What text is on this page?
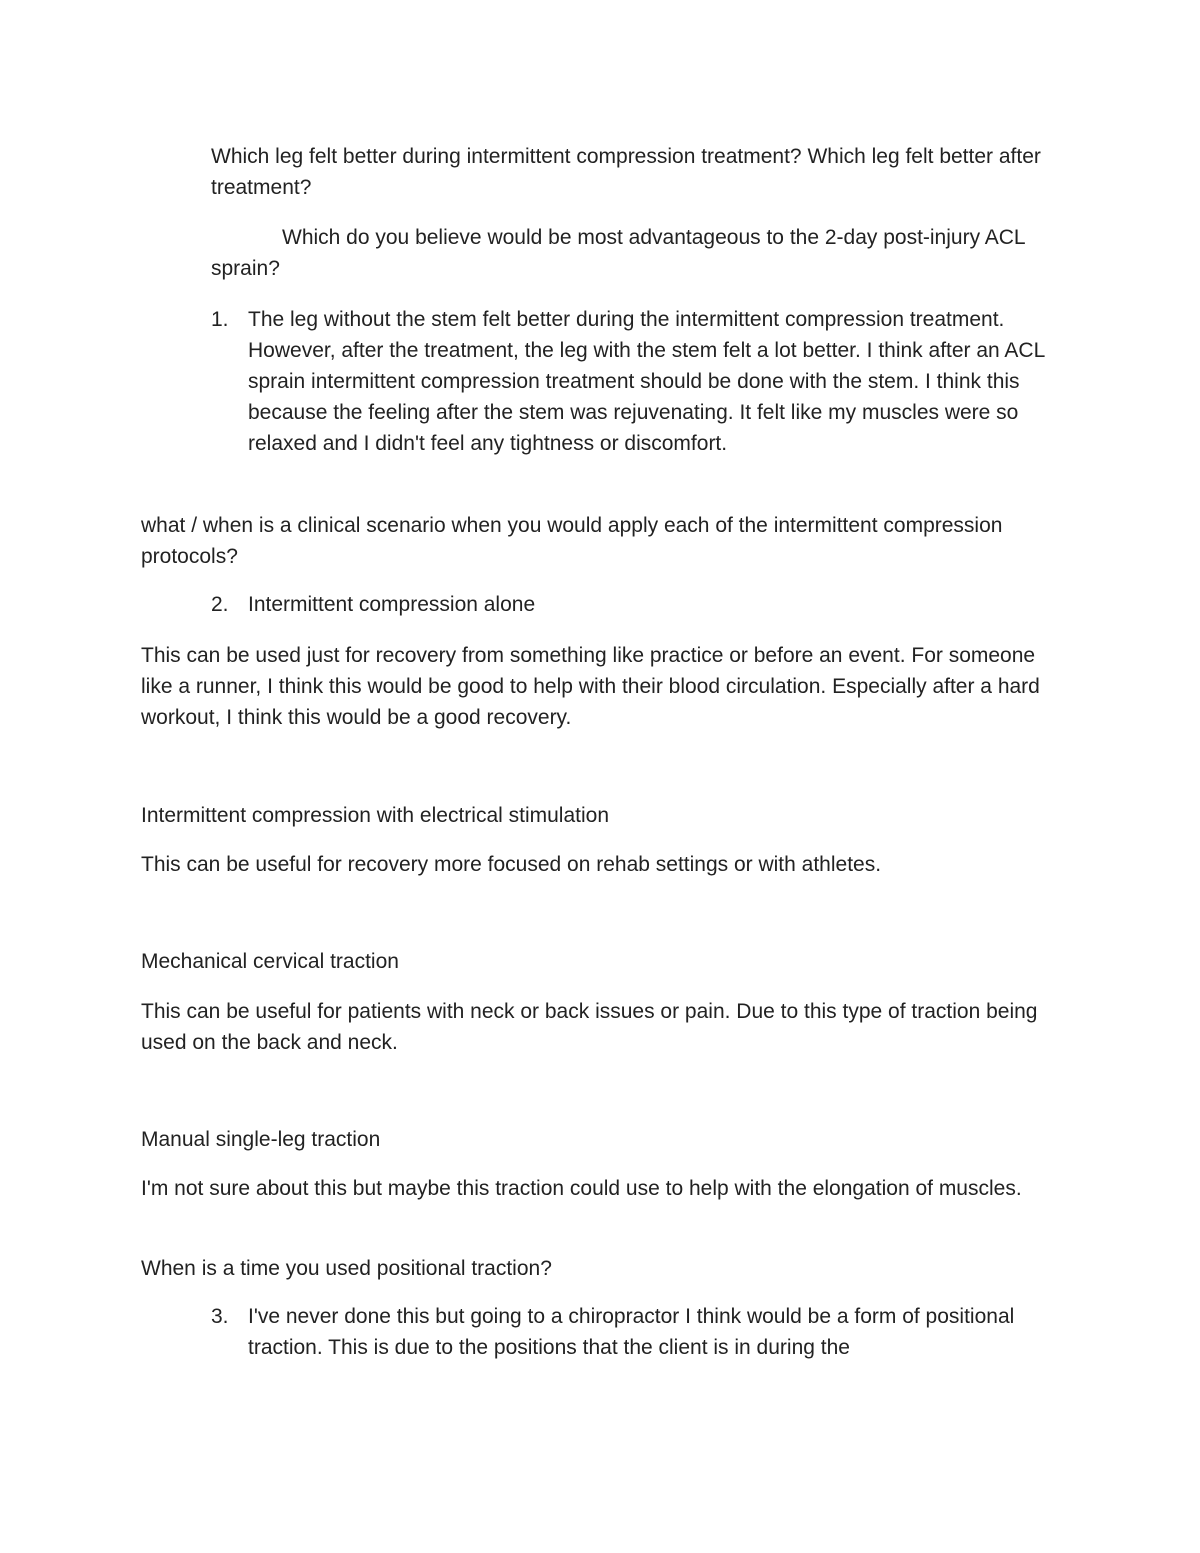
Which leg felt better during intermittent compression treatment? Which leg felt better after treatment?

Which do you believe would be most advantageous to the 2-day post-injury ACL sprain?

1. The leg without the stem felt better during the intermittent compression treatment. However, after the treatment, the leg with the stem felt a lot better. I think after an ACL sprain intermittent compression treatment should be done with the stem. I think this because the feeling after the stem was rejuvenating. It felt like my muscles were so relaxed and I didn't feel any tightness or discomfort.

what / when is a clinical scenario when you would apply each of the intermittent compression protocols?

2. Intermittent compression alone

This can be used just for recovery from something like practice or before an event. For someone like a runner, I think this would be good to help with their blood circulation. Especially after a hard workout, I think this would be a good recovery.

Intermittent compression with electrical stimulation

This can be useful for recovery more focused on rehab settings or with athletes.

Mechanical cervical traction

This can be useful for patients with neck or back issues or pain. Due to this type of traction being used on the back and neck.

Manual single-leg traction

I'm not sure about this but maybe this traction could use to help with the elongation of muscles.

When is a time you used positional traction?

3. I've never done this but going to a chiropractor I think would be a form of positional traction. This is due to the positions that the client is in during the
